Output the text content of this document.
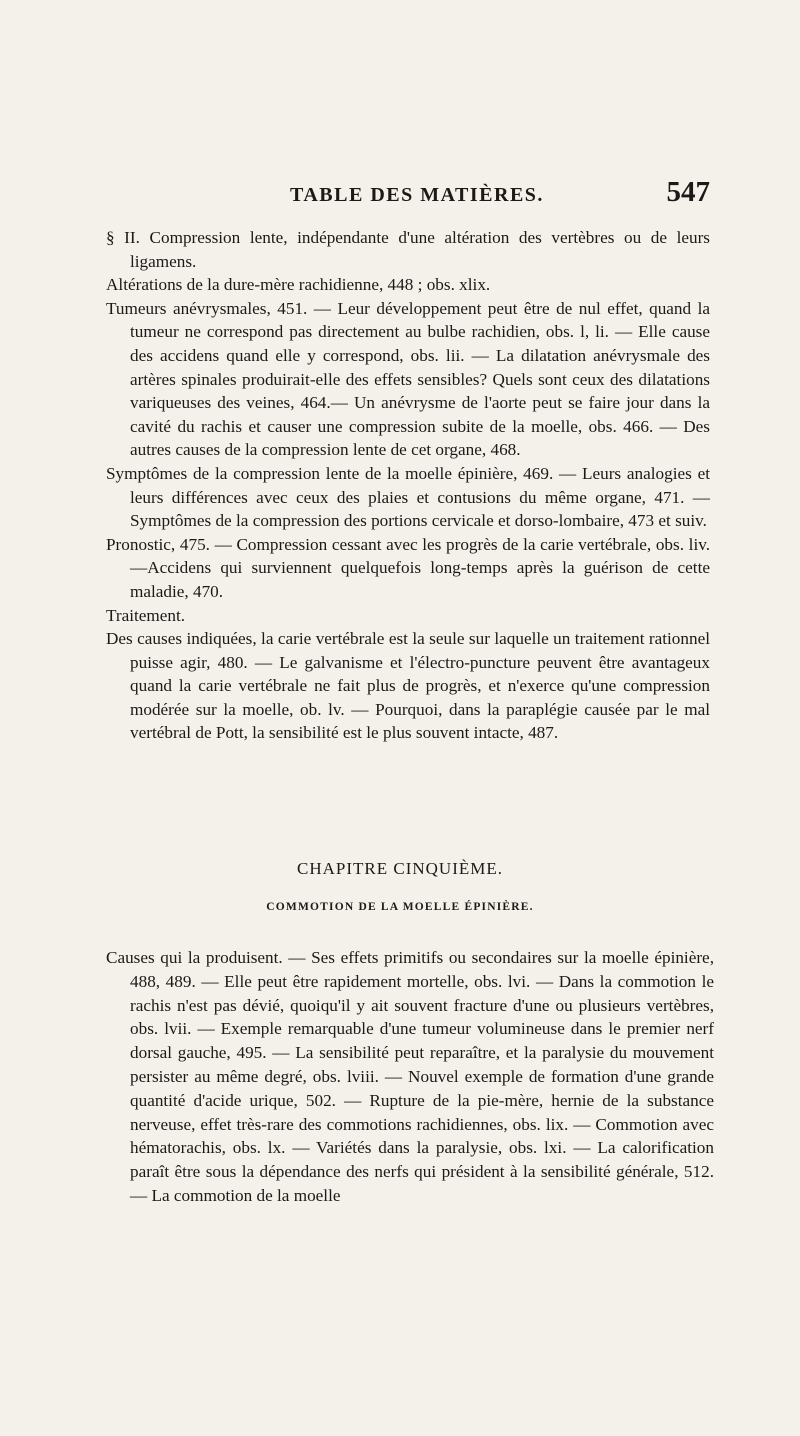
TABLE DES MATIÈRES.	547

§ II. Compression lente, indépendante d'une altération des vertèbres ou de leurs ligamens.

Altérations de la dure-mère rachidienne, 448 ; obs. xlix.

Tumeurs anévrysmales, 451. — Leur développement peut être de nul effet, quand la tumeur ne correspond pas directement au bulbe rachidien, obs. l, li. — Elle cause des accidens quand elle y correspond, obs. lii. — La dilatation anévrysmale des artères spinales produirait-elle des effets sensibles? Quels sont ceux des dilatations variqueuses des veines, 464.— Un anévrysme de l'aorte peut se faire jour dans la cavité du rachis et causer une compression subite de la moelle, obs. 466. — Des autres causes de la compression lente de cet organe, 468.

Symptômes de la compression lente de la moelle épinière, 469. — Leurs analogies et leurs différences avec ceux des plaies et contusions du même organe, 471. — Symptômes de la compression des portions cervicale et dorso-lombaire, 473 et suiv.

Pronostic, 475. — Compression cessant avec les progrès de la carie vertébrale, obs. liv.—Accidens qui surviennent quelquefois long-temps après la guérison de cette maladie, 470.

Traitement.

Des causes indiquées, la carie vertébrale est la seule sur laquelle un traitement rationnel puisse agir, 480. — Le galvanisme et l'électro-puncture peuvent être avantageux quand la carie vertébrale ne fait plus de progrès, et n'exerce qu'une compression modérée sur la moelle, ob. lv. — Pourquoi, dans la paraplégie causée par le mal vertébral de Pott, la sensibilité est le plus souvent intacte, 487.

CHAPITRE CINQUIÈME.
COMMOTION DE LA MOELLE ÉPINIÈRE.

Causes qui la produisent. — Ses effets primitifs ou secondaires sur la moelle épinière, 488, 489. — Elle peut être rapidement mortelle, obs. lvi. — Dans la commotion le rachis n'est pas dévié, quoiqu'il y ait souvent fracture d'une ou plusieurs vertèbres, obs. lvii. — Exemple remarquable d'une tumeur volumineuse dans le premier nerf dorsal gauche, 495. — La sensibilité peut reparaître, et la paralysie du mouvement persister au même degré, obs. lviii. — Nouvel exemple de formation d'une grande quantité d'acide urique, 502. — Rupture de la pie-mère, hernie de la substance nerveuse, effet très-rare des commotions rachidiennes, obs. lix. — Commotion avec hématorachis, obs. lx. — Variétés dans la paralysie, obs. lxi. — La calorification paraît être sous la dépendance des nerfs qui président à la sensibilité générale, 512. — La commotion de la moelle
